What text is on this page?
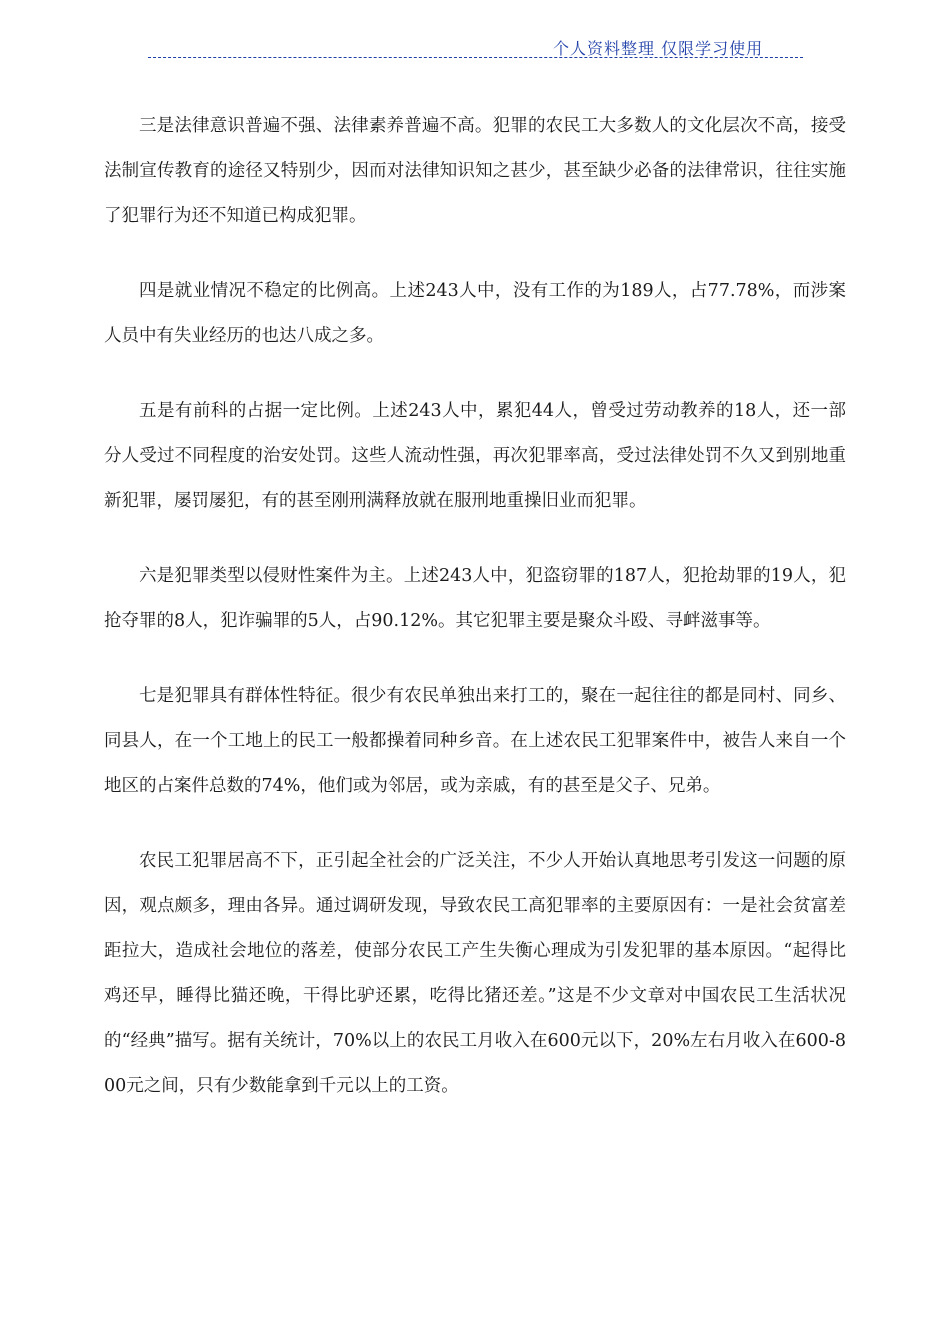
个人资料整理 仅限学习使用

三是法律意识普遍不强、法律素养普遍不高。犯罪的农民工大多数人的文化层次不高，接受法制宣传教育的途径又特别少，因而对法律知识知之甚少，甚至缺少必备的法律常识，往往实施了犯罪行为还不知道已构成犯罪。

四是就业情况不稳定的比例高。上述243人中，没有工作的为189人，占77.78%，而涉案人员中有失业经历的也达八成之多。

五是有前科的占据一定比例。上述243人中，累犯44人，曾受过劳动教养的18人，还一部分人受过不同程度的治安处罚。这些人流动性强，再次犯罪率高，受过法律处罚不久又到别地重新犯罪，屡罚屡犯，有的甚至刚刑满释放就在服刑地重操旧业而犯罪。

六是犯罪类型以侵财性案件为主。上述243人中，犯盗窃罪的187人，犯抢劫罪的19人，犯抢夺罪的8人，犯诈骗罪的5人，占90.12%。其它犯罪主要是聚众斗殴、寻衅滋事等。

七是犯罪具有群体性特征。很少有农民单独出来打工的，聚在一起往往的都是同村、同乡、同县人，在一个工地上的民工一般都操着同种乡音。在上述农民工犯罪案件中，被告人来自一个地区的占案件总数的74%，他们或为邻居，或为亲戚，有的甚至是父子、兄弟。

农民工犯罪居高不下，正引起全社会的广泛关注，不少人开始认真地思考引发这一问题的原因，观点颇多，理由各异。通过调研发现，导致农民工高犯罪率的主要原因有：一是社会贫富差距拉大，造成社会地位的落差，使部分农民工产生失衡心理成为引发犯罪的基本原因。“起得比鸡还早，睡得比猫还晚，干得比驴还累，吃得比猪还差。”这是不少文章对中国农民工生活状况的“经典”描写。据有关统计，70%以上的农民工月收入在600元以下，20%左右月收入在600-800元之间，只有少数能拿到千元以上的工资。
